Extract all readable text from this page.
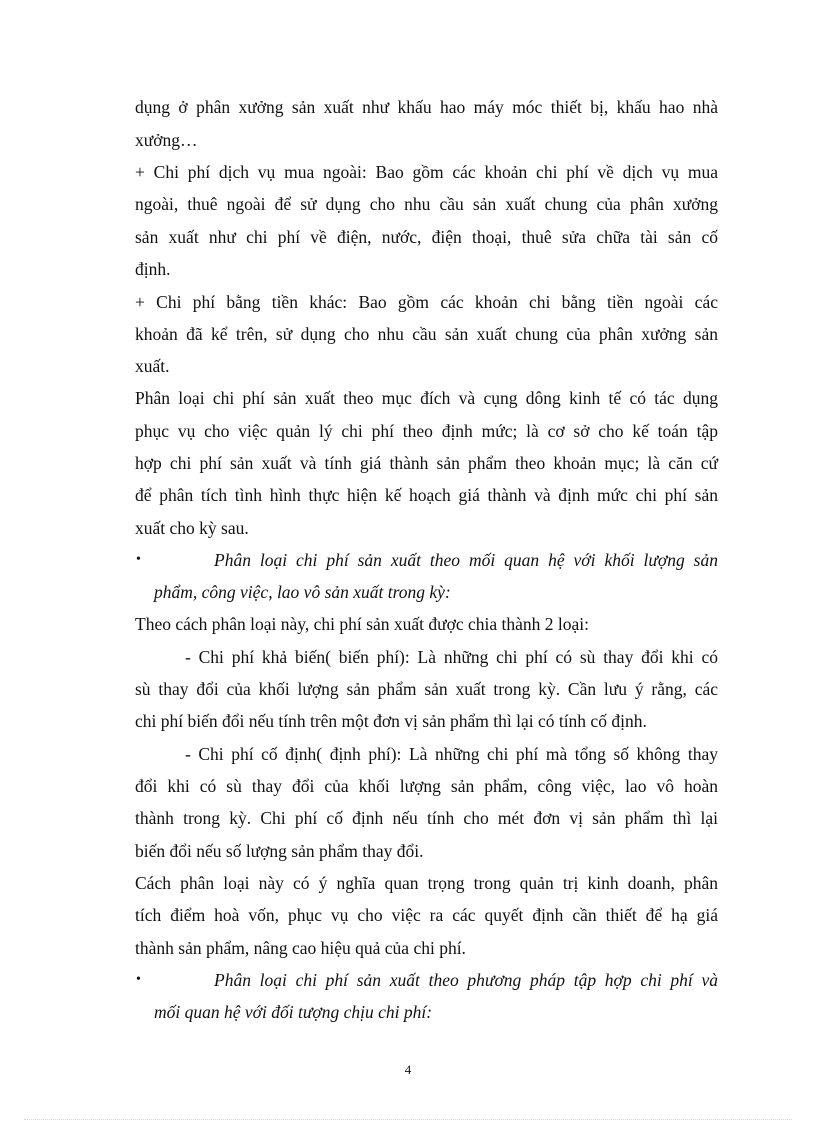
dụng ở phân xưởng sản xuất như khấu hao máy móc thiết bị, khấu hao nhà
xưởng…
+ Chi phí dịch vụ mua ngoài: Bao gồm các khoản chi phí về dịch vụ mua
ngoài, thuê ngoài để sử dụng cho nhu cầu sản xuất chung của phân xưởng
sản xuất như chi phí về điện, nước, điện thoại, thuê sửa chữa tài sản cố
định.
+ Chi phí bằng tiền khác: Bao gồm các khoản chi bằng tiền ngoài các
khoản đã kể trên, sử dụng cho nhu cầu sản xuất chung của phân xưởng sản
xuất.
Phân loại chi phí sản xuất theo mục đích và cụng dông kinh tế có tác dụng
phục vụ cho việc quản lý chi phí theo định mức; là cơ sở cho kế toán tập
hợp chi phí sản xuất và tính giá thành sản phẩm theo khoản mục; là căn cứ
để phân tích tình hình thực hiện kế hoạch giá thành và định mức chi phí sản
xuất cho kỳ sau.
•	Phân loại chi phí sản xuất theo mối quan hệ với khối lượng sản
phẩm, công việc, lao vô sản xuất trong kỳ:
Theo cách phân loại này, chi phí sản xuất được chia thành 2 loại:
- Chi phí khả biến( biến phí): Là những chi phí có sù thay đổi khi có
sù thay đổi của khối lượng sản phẩm sản xuất trong kỳ. Cần lưu ý rằng, các
chi phí biến đổi nếu tính trên một đơn vị sản phẩm thì lại có tính cố định.
- Chi phí cố định( định phí): Là những chi phí mà tổng số không thay
đổi khi có sù thay đổi của khối lượng sản phẩm, công việc, lao vô hoàn
thành trong kỳ. Chi phí cố định nếu tính cho mét đơn vị sản phẩm thì lại
biến đổi nếu số lượng sản phẩm thay đổi.
Cách phân loại này có ý nghĩa quan trọng trong quản trị kinh doanh, phân
tích điểm hoà vốn, phục vụ cho việc ra các quyết định cần thiết để hạ giá
thành sản phẩm, nâng cao hiệu quả của chi phí.
•	Phân loại chi phí sản xuất theo phương pháp tập hợp chi phí và
mối quan hệ với đối tượng chịu chi phí:
4
